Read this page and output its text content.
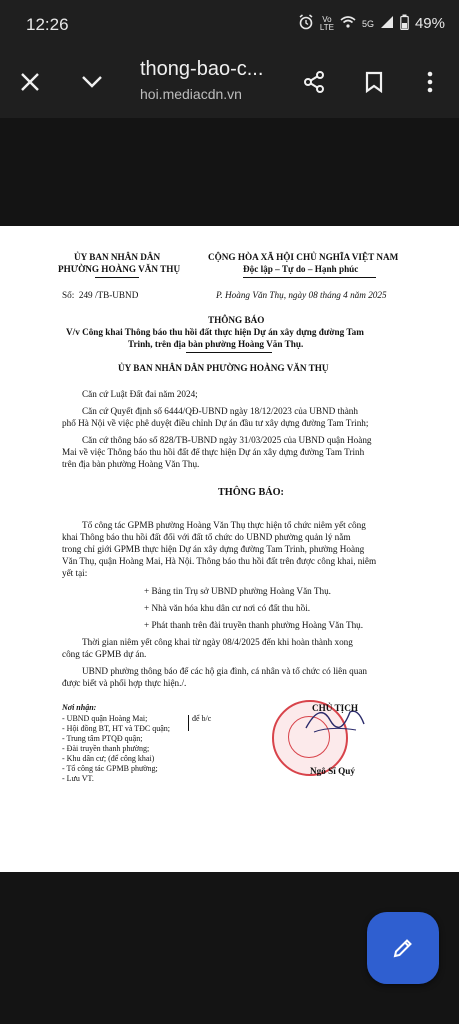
12:26	Vo
LTE	5G	49%
thong-bao-c...
hoi.mediacdn.vn
ỦY BAN NHÂN DÂN
PHƯỜNG HOÀNG VĂN THỤ
CỘNG HÒA XÃ HỘI CHỦ NGHĨA VIỆT NAM
Độc lập – Tự do – Hạnh phúc
Số: 249 /TB-UBND	P. Hoàng Văn Thụ, ngày 08 tháng 4 năm 2025
THÔNG BÁO
V/v Công khai Thông báo thu hồi đất thực hiện Dự án xây dựng đường Tam
Trinh, trên địa bàn phường Hoàng Văn Thụ.
ỦY BAN NHÂN DÂN PHƯỜNG HOÀNG VĂN THỤ
Căn cứ Luật Đất đai năm 2024;
Căn cứ Quyết định số 6444/QĐ-UBND ngày 18/12/2023 của UBND thành
phố Hà Nội về việc phê duyệt điều chỉnh Dự án đầu tư xây dựng đường Tam Trinh;
Căn cứ thông báo số 828/TB-UBND ngày 31/03/2025 của UBND quận Hoàng
Mai về việc Thông báo thu hồi đất để thực hiện Dự án xây dựng đường Tam Trinh
trên địa bàn phường Hoàng Văn Thụ.
THÔNG BÁO:
Tổ công tác GPMB phường Hoàng Văn Thụ thực hiện tổ chức niêm yết công
khai Thông báo thu hồi đất đối với đất tổ chức do UBND phường quản lý nằm
trong chỉ giới GPMB thực hiện Dự án xây dựng đường Tam Trinh, phường Hoàng
Văn Thụ, quận Hoàng Mai, Hà Nội. Thông báo thu hồi đất trên được công khai, niêm
yết tại:
+ Bảng tin Trụ sở UBND phường Hoàng Văn Thụ.
+ Nhà văn hóa khu dân cư nơi có đất thu hồi.
+ Phát thanh trên đài truyền thanh phường Hoàng Văn Thụ.
Thời gian niêm yết công khai từ ngày 08/4/2025 đến khi hoàn thành xong
công tác GPMB dự án.
UBND phường thông báo để các hộ gia đình, cá nhân và tổ chức có liên quan
được biết và phối hợp thực hiện./.
Nơi nhận:
- UBND quận Hoàng Mai;
- Hội đồng BT, HT và TĐC quận;
- Trung tâm PTQĐ quận;
- Đài truyền thanh phường;
- Khu dân cư; (để công khai)
- Tổ công tác GPMB phường;
- Lưu VT.
để b/c
CHỦ TỊCH
Ngô Sĩ Quý
